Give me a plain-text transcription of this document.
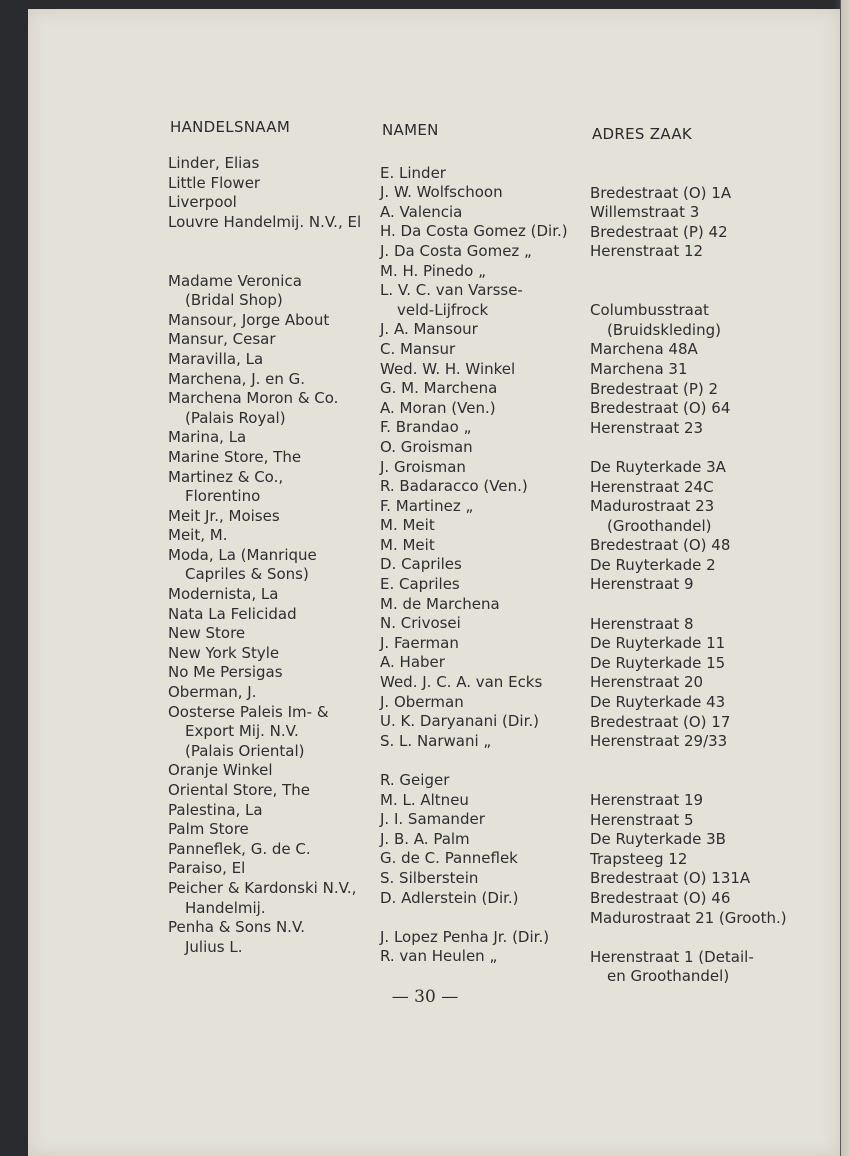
HANDELSNAAM	NAMEN	ADRES ZAAK
Linder, Elias
Little Flower
Liverpool
Louvre Handelmij. N.V., El
Madame Veronica
(Bridal Shop)
Mansour, Jorge About
Mansur, Cesar
Maravilla, La
Marchena, J. en G.
Marchena Moron & Co.
(Palais Royal)
Marina, La
Marine Store, The
Martinez & Co.,
Florentino
Meit Jr., Moises
Meit, M.
Moda, La (Manrique
Capriles & Sons)
Modernista, La
Nata La Felicidad
New Store
New York Style
No Me Persigas
Oberman, J.
Oosterse Paleis Im- &
Export Mij. N.V.
(Palais Oriental)
Oranje Winkel
Oriental Store, The
Palestina, La
Palm Store
Panneflek, G. de C.
Paraiso, El
Peicher & Kardonski N.V.,
Handelmij.
Penha & Sons N.V.
Julius L.
E. Linder
J. W. Wolfschoon
A. Valencia
H. Da Costa Gomez (Dir.)
J. Da Costa Gomez „
M. H. Pinedo „
L. V. C. van Varsse-
veld-Lijfrock
J. A. Mansour
C. Mansur
Wed. W. H. Winkel
G. M. Marchena
A. Moran (Ven.)
F. Brandao „
O. Groisman
J. Groisman
R. Badaracco (Ven.)
F. Martinez „
M. Meit
M. Meit
D. Capriles
E. Capriles
M. de Marchena
N. Crivosei
J. Faerman
A. Haber
Wed. J. C. A. van Ecks
J. Oberman
U. K. Daryanani (Dir.)
S. L. Narwani „
R. Geiger
M. L. Altneu
J. I. Samander
J. B. A. Palm
G. de C. Panneflek
S. Silberstein
D. Adlerstein (Dir.)
J. Lopez Penha Jr. (Dir.)
R. van Heulen „
Bredestraat (O) 1A
Willemstraat 3
Bredestraat (P) 42
Herenstraat 12
Columbusstraat
(Bruidskleding)
Marchena 48A
Marchena 31
Bredestraat (P) 2
Bredestraat (O) 64
Herenstraat 23
De Ruyterkade 3A
Herenstraat 24C
Madurostraat 23
(Groothandel)
Bredestraat (O) 48
De Ruyterkade 2
Herenstraat 9
Herenstraat 8
De Ruyterkade 11
De Ruyterkade 15
Herenstraat 20
De Ruyterkade 43
Bredestraat (O) 17
Herenstraat 29/33
Herenstraat 19
Herenstraat 5
De Ruyterkade 3B
Trapsteeg 12
Bredestraat (O) 131A
Bredestraat (O) 46
Madurostraat 21 (Grooth.)
Herenstraat 1 (Detail-
en Groothandel)
— 30 —
